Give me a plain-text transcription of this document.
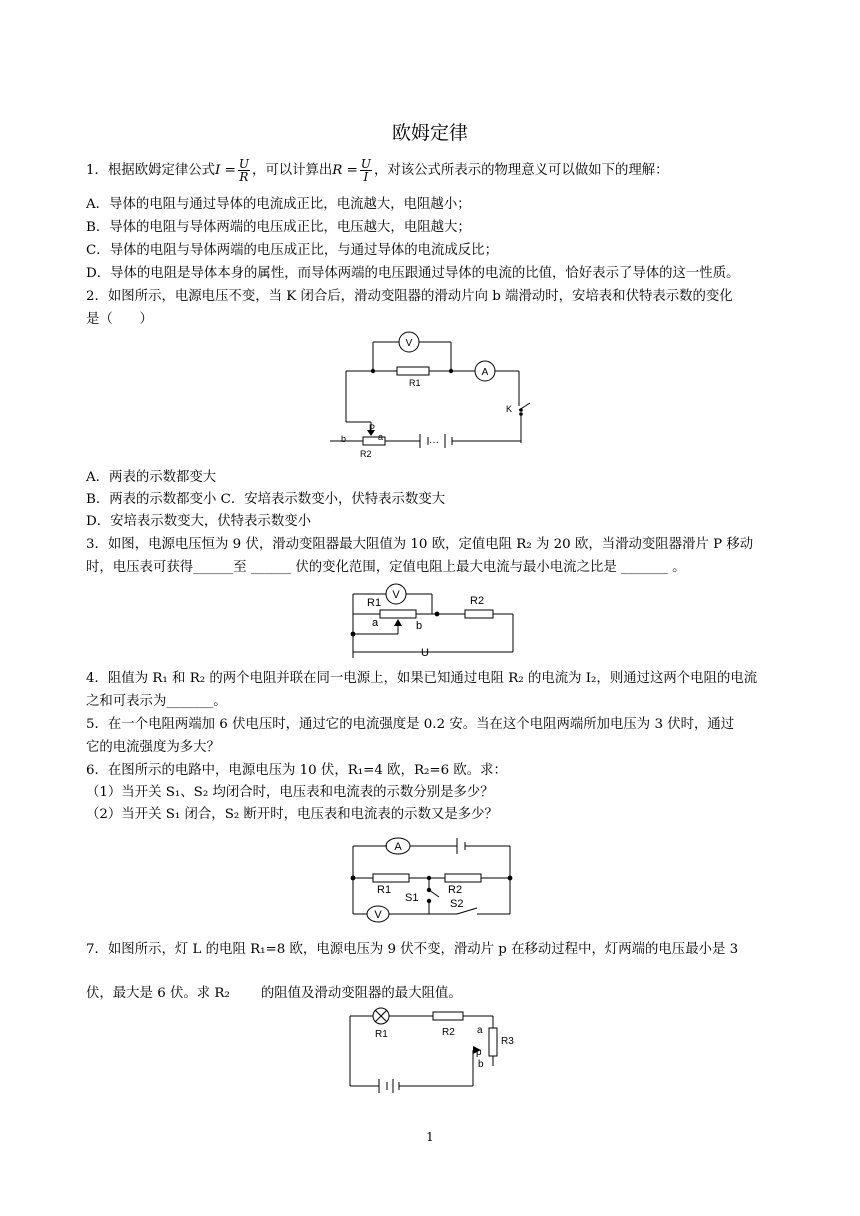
欧姆定律
1．根据欧姆定律公式$I = \frac{U}{R}$ ，可以计算出$R = \frac{U}{I}$ ，对该公式所表示的物理意义可以做如下的理解：
A．导体的电阻与通过导体的电流成正比，电流越大，电阻越小；
B．导体的电阻与导体两端的电压成正比，电压越大，电阻越大；
C．导体的电阻与导体两端的电压成正比，与通过导体的电流成反比；
D．导体的电阻是导体本身的属性，而导体两端的电压跟通过导体的电流的比值，恰好表示了导体的这一性质。
2．如图所示，电源电压不变，当 K 闭合后，滑动变阻器的滑动片向 b 端滑动时，安培表和伏特表示数的变化
是（　　）
V
A
R1
K
P
a
b
R2
···
A．两表的示数都变大
B．两表的示数都变小 C．安培表示数变小，伏特表示数变大
D．安培表示数变大，伏特表示数变小
3．如图，电源电压恒为 9 伏，滑动变阻器最大阻值为 10 欧，定值电阻 R₂ 为 20 欧，当滑动变阻器滑片 P 移动
时，电压表可获得______至 ______ 伏的变化范围，定值电阻上最大电流与最小电流之比是 _______ 。
V
R1	R2
a	b
U
4．阻值为 R₁ 和 R₂ 的两个电阻并联在同一电源上，如果已知通过电阻 R₂ 的电流为 I₂，则通过这两个电阻的电流
之和可表示为_______。
5．在一个电阻两端加 6 伏电压时，通过它的电流强度是 0.2 安。当在这个电阻两端所加电压为 3 伏时，通过
它的电流强度为多大？
6．在图所示的电路中，电源电压为 10 伏，R₁=4 欧，R₂=6 欧。求：
（1）当开关 S₁、S₂ 均闭合时，电压表和电流表的示数分别是多少？
（2）当开关 S₁ 闭合，S₂ 断开时，电压表和电流表的示数又是多少？
A
V
R1	R2
S1	S2
7．如图所示，灯 L 的电阻 R₁=8 欧，电源电压为 9 伏不变，滑动片 p 在移动过程中，灯两端的电压最小是 3
伏，最大是 6 伏。求 R₂ 　　的阻值及滑动变阻器的最大阻值。
R1	R2
R3
a
p
b
1
